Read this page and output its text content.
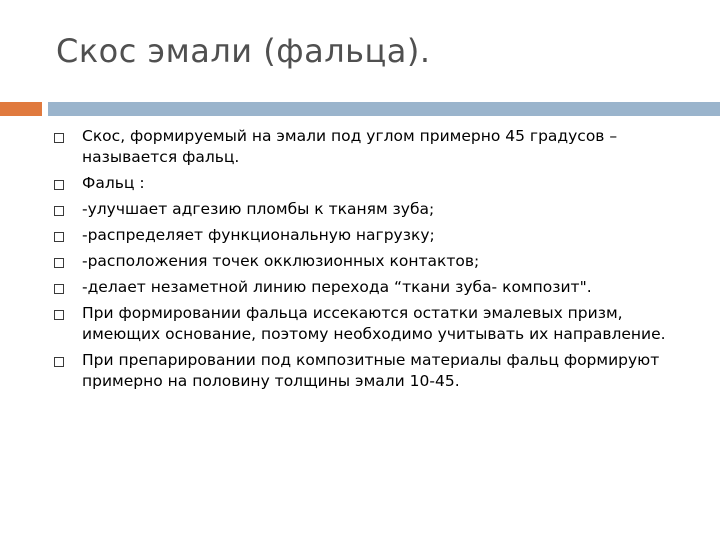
Скос эмали (фальца).
Скос, формируемый на эмали под углом примерно 45 градусов – называется фальц.
Фальц :
-улучшает адгезию пломбы к тканям зуба;
-распределяет функциональную нагрузку;
-расположения точек окклюзионных контактов;
-делает незаметной линию перехода “ткани зуба- композит".
При формировании фальца иссекаются остатки эмалевых призм, имеющих основание, поэтому необходимо учитывать их направление.
При препарировании под композитные материалы фальц формируют примерно на половину толщины эмали 10-45.
